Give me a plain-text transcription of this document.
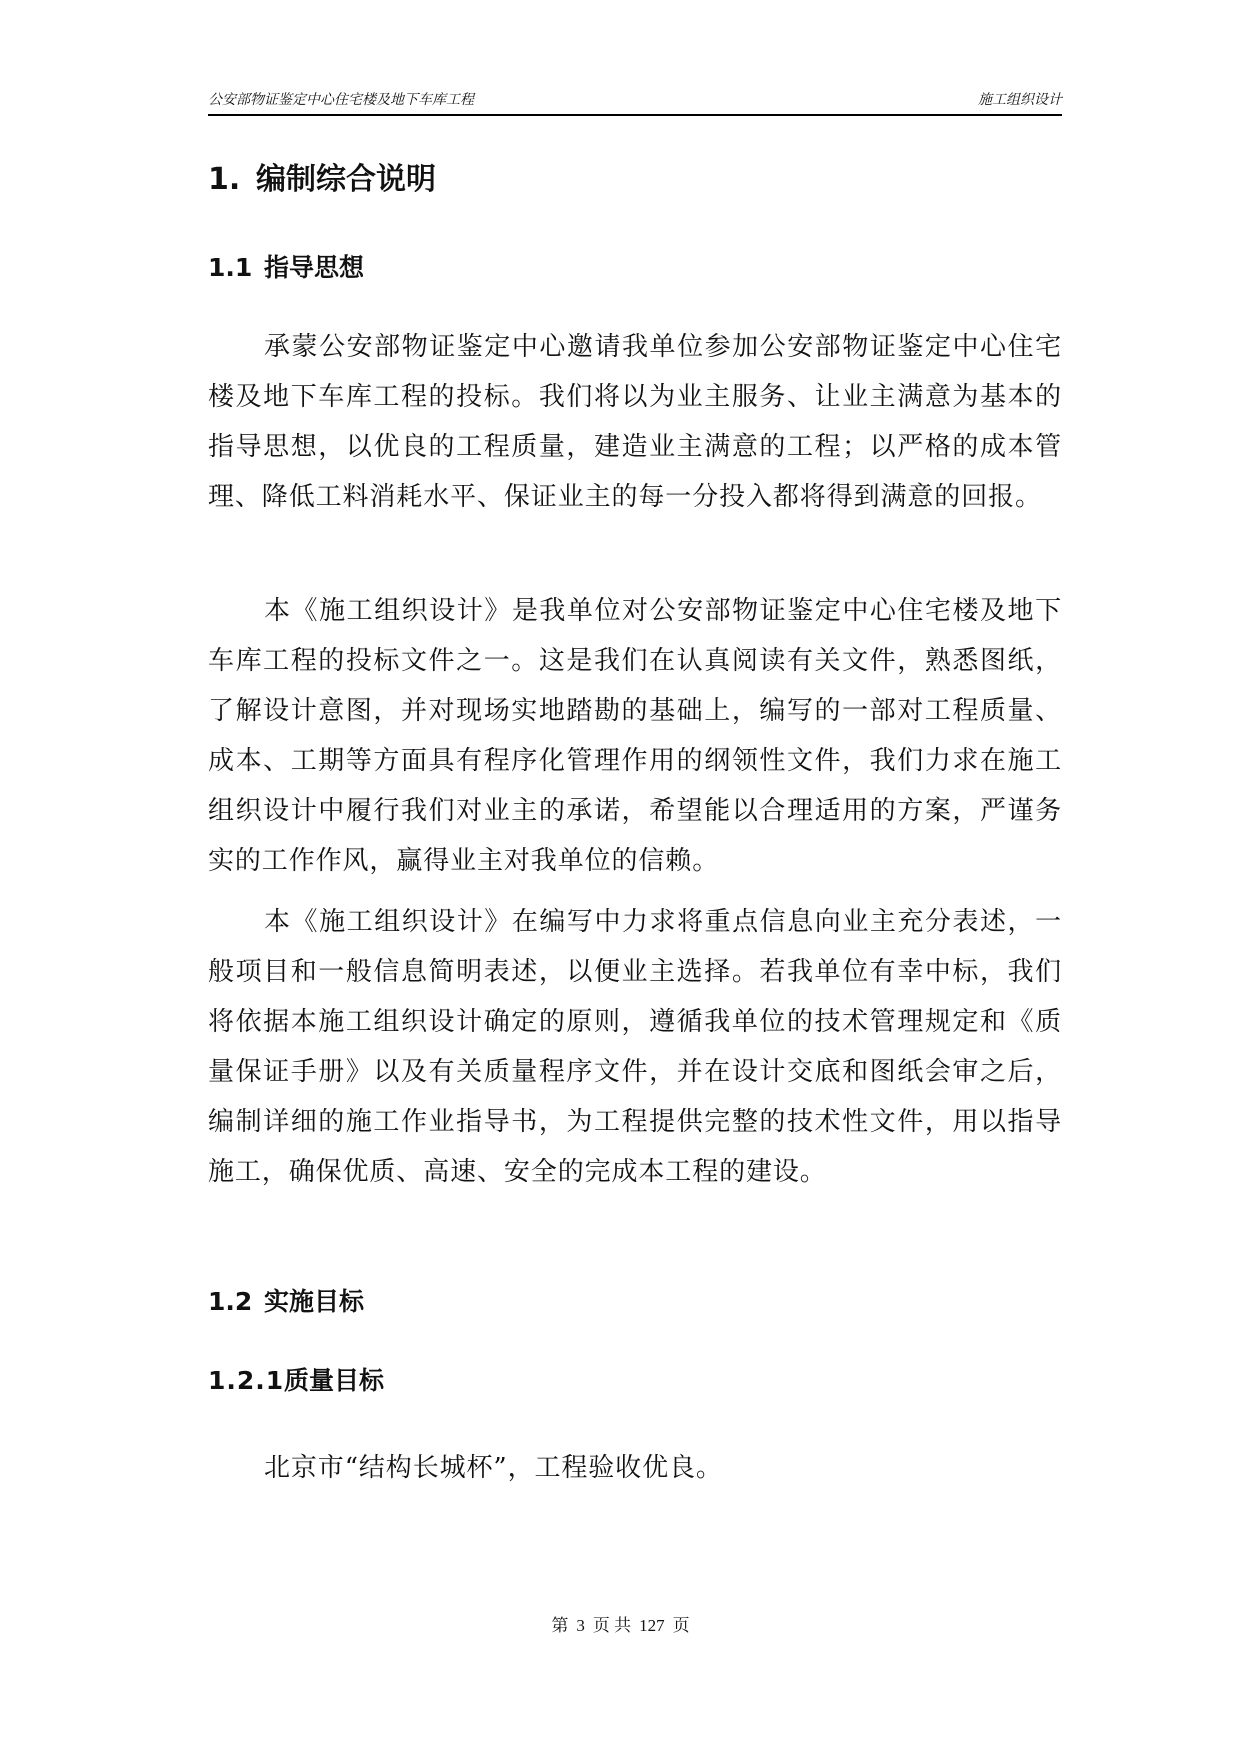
公安部物证鉴定中心住宅楼及地下车库工程	施工组织设计
1. 编制综合说明
1.1 指导思想

承蒙公安部物证鉴定中心邀请我单位参加公安部物证鉴定中心住宅楼及地下车库工程的投标。我们将以为业主服务、让业主满意为基本的指导思想，以优良的工程质量，建造业主满意的工程；以严格的成本管理、降低工料消耗水平、保证业主的每一分投入都将得到满意的回报。

本《施工组织设计》是我单位对公安部物证鉴定中心住宅楼及地下车库工程的投标文件之一。这是我们在认真阅读有关文件，熟悉图纸，了解设计意图，并对现场实地踏勘的基础上，编写的一部对工程质量、成本、工期等方面具有程序化管理作用的纲领性文件，我们力求在施工组织设计中履行我们对业主的承诺，希望能以合理适用的方案，严谨务实的工作作风，赢得业主对我单位的信赖。

本《施工组织设计》在编写中力求将重点信息向业主充分表述，一般项目和一般信息简明表述，以便业主选择。若我单位有幸中标，我们将依据本施工组织设计确定的原则，遵循我单位的技术管理规定和《质量保证手册》以及有关质量程序文件，并在设计交底和图纸会审之后，编制详细的施工作业指导书，为工程提供完整的技术性文件，用以指导施工，确保优质、高速、安全的完成本工程的建设。

1.2 实施目标
1.2.1质量目标

北京市“结构长城杯”，工程验收优良。

第 3 页 共 127 页
